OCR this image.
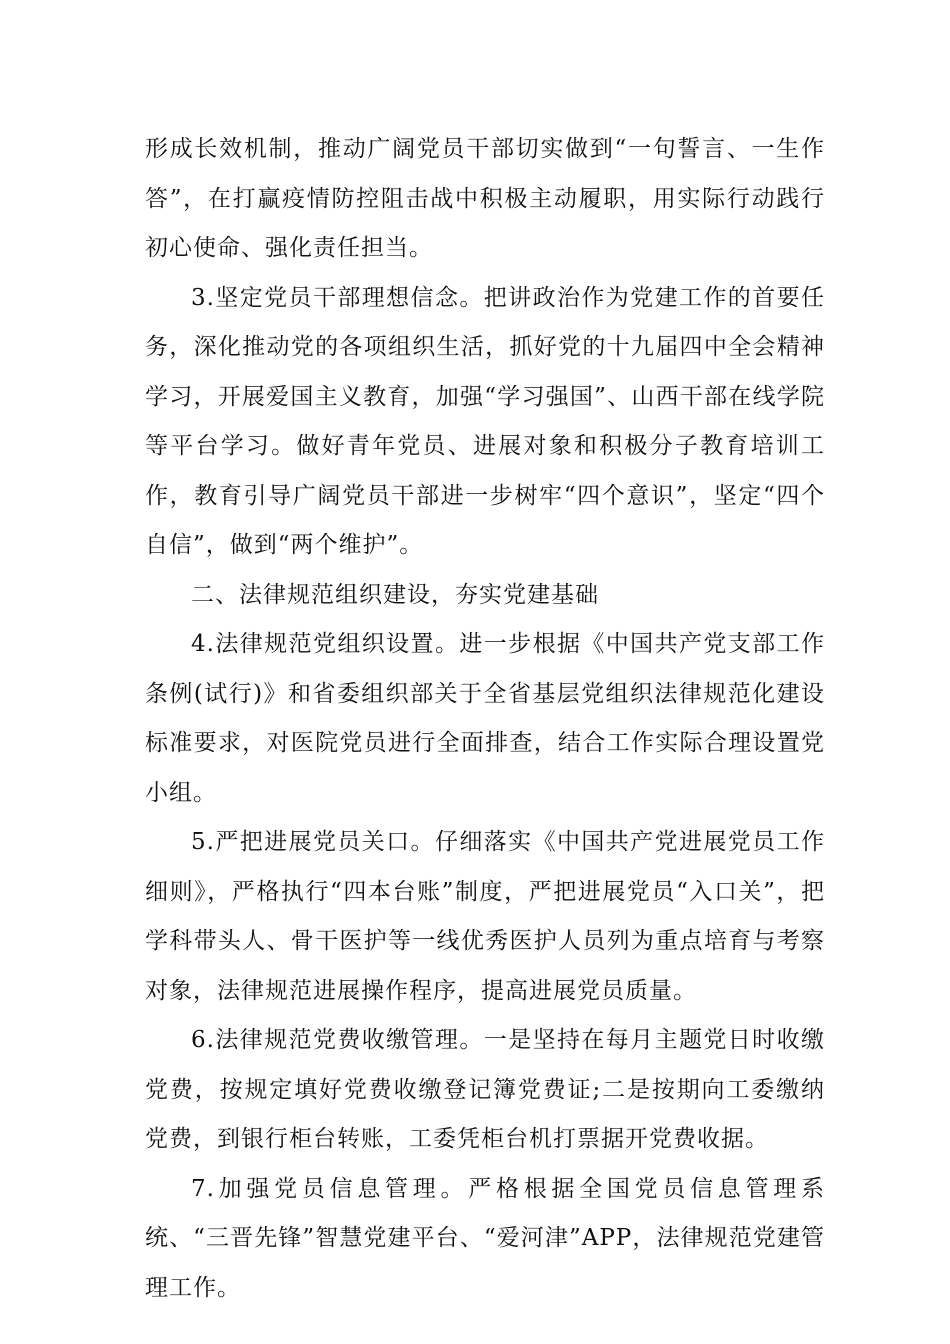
形成长效机制，推动广阔党员干部切实做到“一句誓言、一生作答”，在打赢疫情防控阻击战中积极主动履职，用实际行动践行初心使命、强化责任担当。

3.坚定党员干部理想信念。把讲政治作为党建工作的首要任务，深化推动党的各项组织生活，抓好党的十九届四中全会精神学习，开展爱国主义教育，加强“学习强国”、山西干部在线学院等平台学习。做好青年党员、进展对象和积极分子教育培训工作，教育引导广阔党员干部进一步树牢“四个意识”，坚定“四个自信”，做到“两个维护”。

二、法律规范组织建设，夯实党建基础

4.法律规范党组织设置。进一步根据《中国共产党支部工作条例(试行)》和省委组织部关于全省基层党组织法律规范化建设标准要求，对医院党员进行全面排查，结合工作实际合理设置党小组。

5.严把进展党员关口。仔细落实《中国共产党进展党员工作细则》，严格执行“四本台账”制度，严把进展党员“入口关”，把学科带头人、骨干医护等一线优秀医护人员列为重点培育与考察对象，法律规范进展操作程序，提高进展党员质量。

6.法律规范党费收缴管理。一是坚持在每月主题党日时收缴党费，按规定填好党费收缴登记簿党费证;二是按期向工委缴纳党费，到银行柜台转账，工委凭柜台机打票据开党费收据。

7.加强党员信息管理。严格根据全国党员信息管理系统、“三晋先锋”智慧党建平台、“爱河津”APP，法律规范党建管理工作。
